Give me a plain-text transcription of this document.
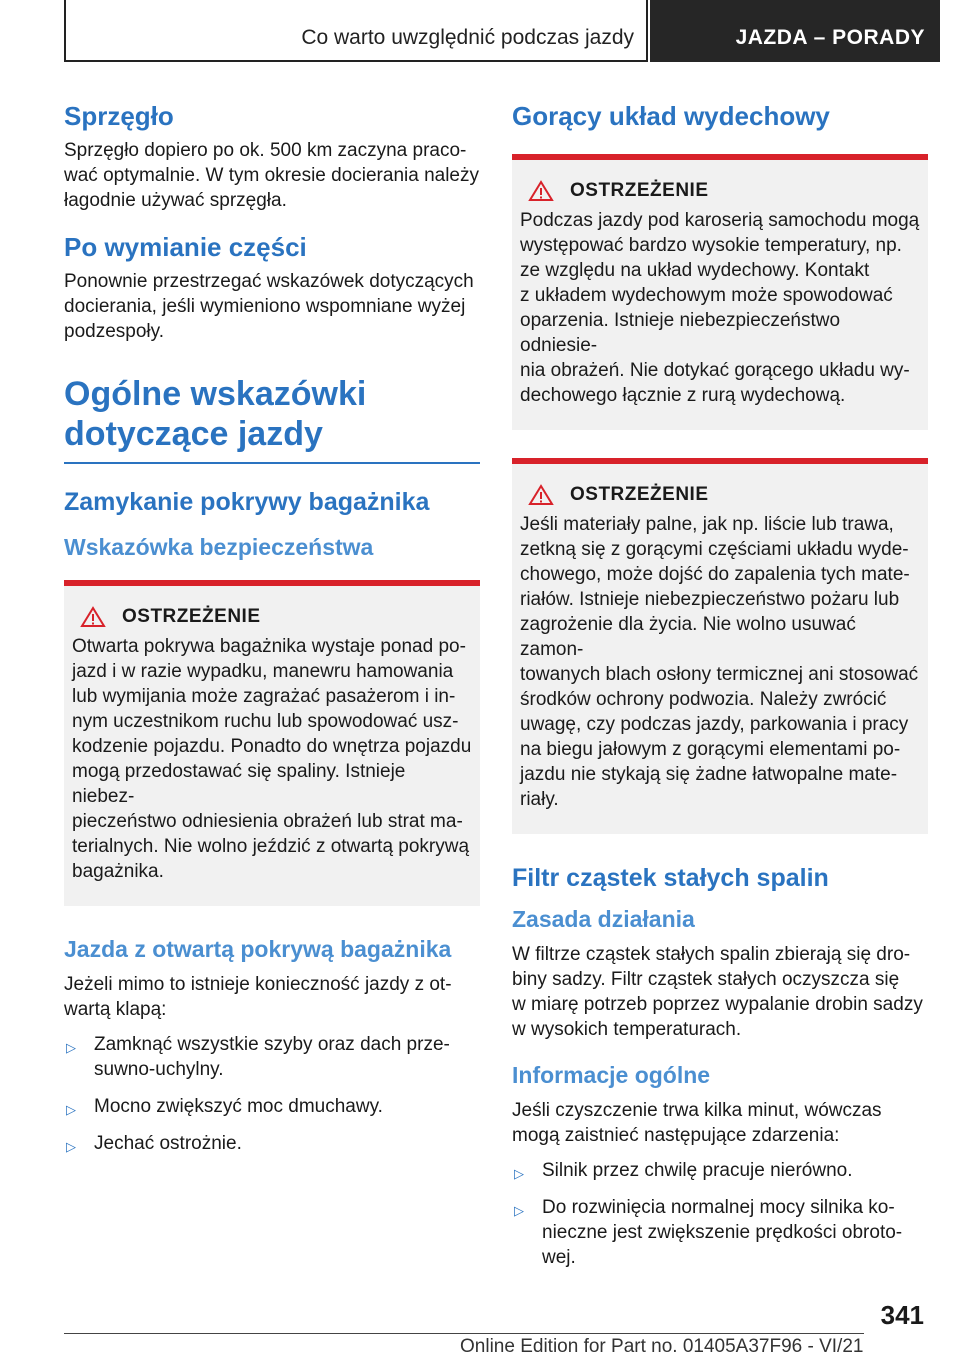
Co warto uwzględnić podczas jazdy	JAZDA – PORADY
Sprzęgło

Sprzęgło dopiero po ok. 500 km zaczyna praco-
wać optymalnie. W tym okresie docierania należy
łagodnie używać sprzęgła.

Po wymianie części

Ponownie przestrzegać wskazówek dotyczących
docierania, jeśli wymieniono wspomniane wyżej
podzespoły.

Ogólne wskazówki
dotyczące jazdy
Zamykanie pokrywy bagażnika
Wskazówka bezpieczeństwa
OSTRZEŻENIE

Otwarta pokrywa bagażnika wystaje ponad po-
jazd i w razie wypadku, manewru hamowania
lub wymijania może zagrażać pasażerom i in-
nym uczestnikom ruchu lub spowodować usz-
kodzenie pojazdu. Ponadto do wnętrza pojazdu
mogą przedostawać się spaliny. Istnieje niebez-
pieczeństwo odniesienia obrażeń lub strat ma-
terialnych. Nie wolno jeździć z otwartą pokrywą
bagażnika.

Jazda z otwartą pokrywą bagażnika

Jeżeli mimo to istnieje konieczność jazdy z ot-
wartą klapą:

▷ Zamknąć wszystkie szyby oraz dach prze-
suwno-uchylny.
▷ Mocno zwiększyć moc dmuchawy.
▷ Jechać ostrożnie.
Gorący układ wydechowy
OSTRZEŻENIE

Podczas jazdy pod karoserią samochodu mogą
występować bardzo wysokie temperatury, np.
ze względu na układ wydechowy. Kontakt
z układem wydechowym może spowodować
oparzenia. Istnieje niebezpieczeństwo odniesie-
nia obrażeń. Nie dotykać gorącego układu wy-
dechowego łącznie z rurą wydechową.

OSTRZEŻENIE

Jeśli materiały palne, jak np. liście lub trawa,
zetkną się z gorącymi częściami układu wyde-
chowego, może dojść do zapalenia tych mate-
riałów. Istnieje niebezpieczeństwo pożaru lub
zagrożenie dla życia. Nie wolno usuwać zamon-
towanych blach osłony termicznej ani stosować
środków ochrony podwozia. Należy zwrócić
uwagę, czy podczas jazdy, parkowania i pracy
na biegu jałowym z gorącymi elementami po-
jazdu nie stykają się żadne łatwopalne mate-
riały.

Filtr cząstek stałych spalin
Zasada działania

W filtrze cząstek stałych spalin zbierają się dro-
biny sadzy. Filtr cząstek stałych oczyszcza się
w miarę potrzeb poprzez wypalanie drobin sadzy
w wysokich temperaturach.

Informacje ogólne

Jeśli czyszczenie trwa kilka minut, wówczas
mogą zaistnieć następujące zdarzenia:

▷ Silnik przez chwilę pracuje nierówno.
▷ Do rozwinięcia normalnej mocy silnika ko-
nieczne jest zwiększenie prędkości obroto-
wej.
341
Online Edition for Part no. 01405A37F96 - VI/21
